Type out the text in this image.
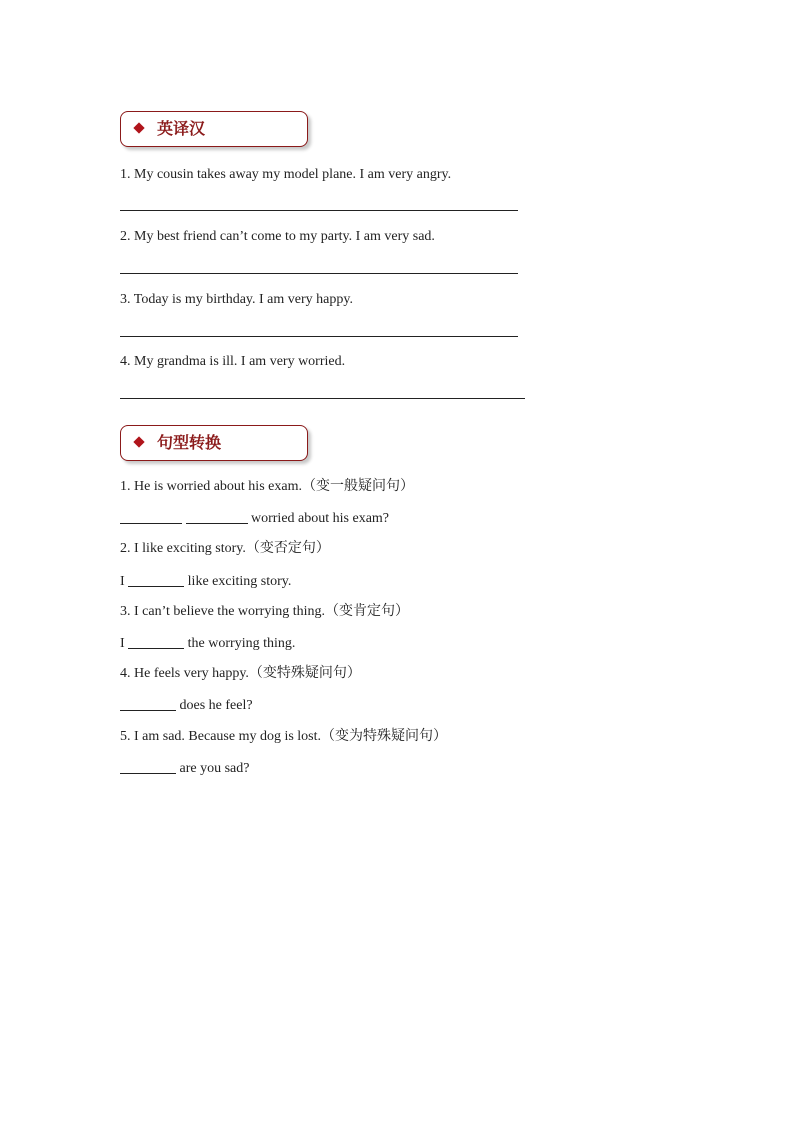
英译汉
1. My cousin takes away my model plane. I am very angry.
2. My best friend can’t come to my party. I am very sad.
3. Today is my birthday. I am very happy.
4. My grandma is ill. I am very worried.
句型转换
1. He is worried about his exam.（变一般疑问句）
worried about his exam?
2. I like exciting story.（变否定句）
I	like exciting story.
3. I can’t believe the worrying thing.（变肯定句）
I	the worrying thing.
4. He feels very happy.（变特殊疑问句）
does he feel?
5. I am sad. Because my dog is lost.（变为特殊疑问句）
are you sad?
